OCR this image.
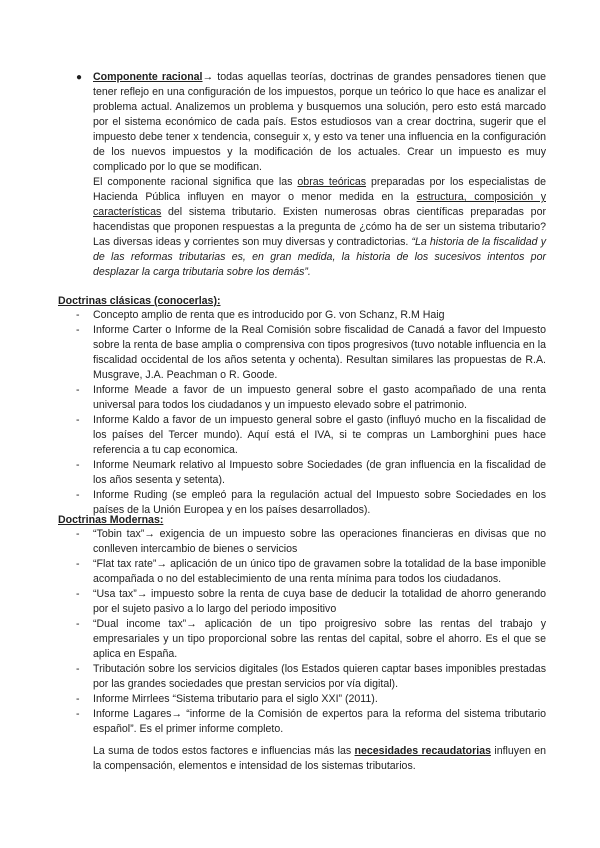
● Componente racional→ todas aquellas teorías, doctrinas de grandes pensadores tienen que tener reflejo en una configuración de los impuestos, porque un teórico lo que hace es analizar el problema actual. Analizemos un problema y busquemos una solución, pero esto está marcado por el sistema económico de cada país. Estos estudiosos van a crear doctrina, sugerir que el impuesto debe tener x tendencia, conseguir x, y esto va tener una influencia en la configuración de los nuevos impuestos y la modificación de los actuales. Crear un impuesto es muy complicado por lo que se modifican.

El componente racional significa que las obras teóricas preparadas por los especialistas de Hacienda Pública influyen en mayor o menor medida en la estructura, composición y características del sistema tributario. Existen numerosas obras científicas preparadas por hacendistas que proponen respuestas a la pregunta de ¿cómo ha de ser un sistema tributario? Las diversas ideas y corrientes son muy diversas y contradictorias. “La historia de la fiscalidad y de las reformas tributarias es, en gran medida, la historia de los sucesivos intentos por desplazar la carga tributaria sobre los demás”.

Doctrinas clásicas (conocerlas):
- Concepto amplio de renta que es introducido por G. von Schanz, R.M Haig
- Informe Carter o Informe de la Real Comisión sobre fiscalidad de Canadá a favor del Impuesto sobre la renta de base amplia o comprensiva con tipos progresivos (tuvo notable influencia en la fiscalidad occidental de los años setenta y ochenta). Resultan similares las propuestas de R.A. Musgrave, J.A. Peachman o R. Goode.
- Informe Meade a favor de un impuesto general sobre el gasto acompañado de una renta universal para todos los ciudadanos y un impuesto elevado sobre el patrimonio.
- Informe Kaldo a favor de un impuesto general sobre el gasto (influyó mucho en la fiscalidad de los países del Tercer mundo). Aquí está el IVA, si te compras un Lamborghini pues hace referencia a tu cap economica.
- Informe Neumark relativo al Impuesto sobre Sociedades (de gran influencia en la fiscalidad de los años sesenta y setenta).
- Informe Ruding (se empleó para la regulación actual del Impuesto sobre Sociedades en los países de la Unión Europea y en los países desarrollados).
Doctrinas Modernas:
- “Tobin tax”→ exigencia de un impuesto sobre las operaciones financieras en divisas que no conlleven intercambio de bienes o servicios
- “Flat tax rate”→ aplicación de un único tipo de gravamen sobre la totalidad de la base imponible acompañada o no del establecimiento de una renta mínima para todos los ciudadanos.
- “Usa tax”→ impuesto sobre la renta de cuya base de deducir la totalidad de ahorro generando por el sujeto pasivo a lo largo del periodo impositivo
- “Dual income tax”→ aplicación de un tipo proigresivo sobre las rentas del trabajo y empresariales y un tipo proporcional sobre las rentas del capital, sobre el ahorro. Es el que se aplica en España.
- Tributación sobre los servicios digitales (los Estados quieren captar bases imponibles prestadas por las grandes sociedades que prestan servicios por vía digital).
- Informe Mirrlees “Sistema tributario para el siglo XXI” (2011).
- Informe Lagares→ “informe de la Comisión de expertos para la reforma del sistema tributario español”. Es el primer informe completo.
La suma de todos estos factores e influencias más las necesidades recaudatorias influyen en la compensación, elementos e intensidad de los sistemas tributarios.
